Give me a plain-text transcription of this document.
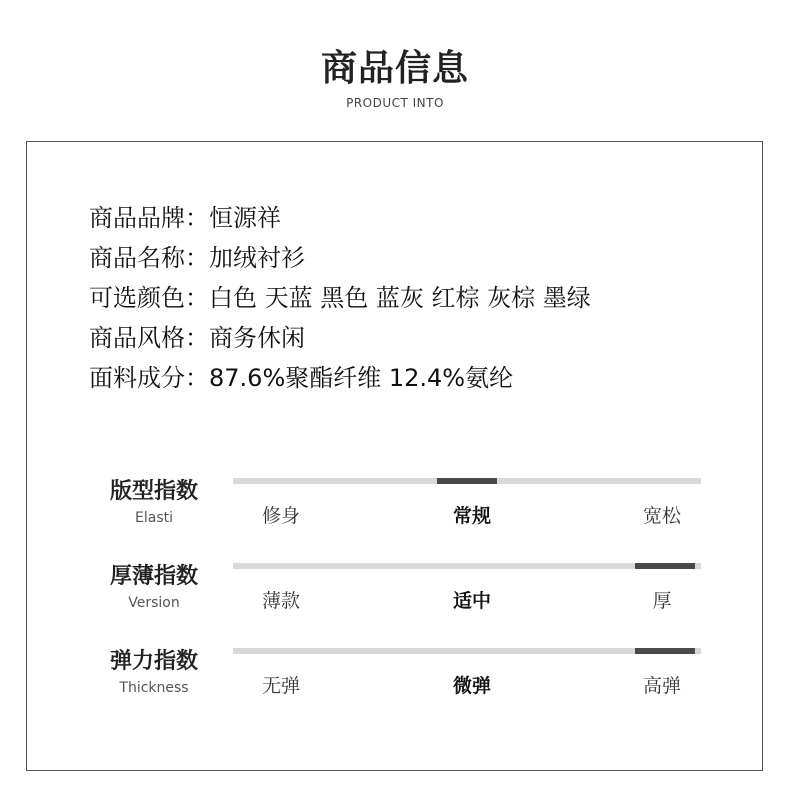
商品信息
PRODUCT INTO
商品品牌：恒源祥
商品名称：加绒衬衫
可选颜色：白色 天蓝 黑色 蓝灰 红棕 灰棕 墨绿
商品风格：商务休闲
面料成分：87.6%聚酯纤维 12.4%氨纶
版型指数
Elasti	修身	常规	宽松
厚薄指数
Version	薄款	适中	厚
弹力指数
Thickness	无弹	微弹	高弹
